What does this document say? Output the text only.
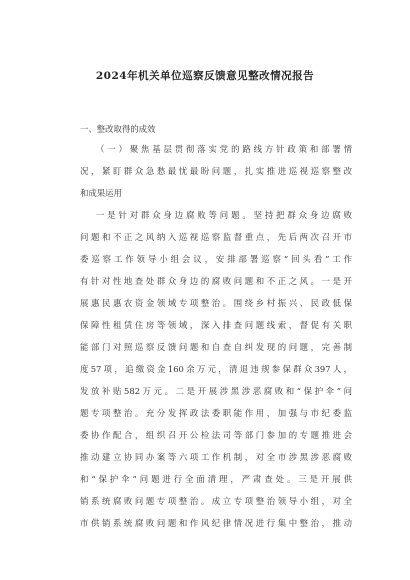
2024年机关单位巡察反馈意见整改情况报告
一、整改取得的成效
（一）聚焦基层贯彻落实党的路线方针政策和部署情
况，紧盯群众急愁最忧最盼问题，扎实推进巡视巡察整改
和成果运用
一是针对群众身边腐败等问题。坚持把群众身边腐败
问题和不正之风纳入巡视巡察监督重点，先后两次召开市
委巡察工作领导小组会议，安排部署巡察“回头看”工作
有针对性地查处群众身边的腐败问题和不正之风。一是开
展惠民惠农资金领域专项整治。围绕乡村振兴、民政低保
保障性租赁住房等领域，深入排查问题线索，督促有关职
能部门对照巡察反馈问题和自查自纠发现的问题，完善制
度57项，追缴资金160余万元，清退违规参保群众397人，
发放补贴582万元。二是开展涉黑涉恶腐败和“保护伞”问
题专项整治。充分发挥政法委职能作用，加强与市纪委监
委协作配合，组织召开公检法司等部门参加的专题推进会
推动建立协同办案等六项工作机制，对全市涉黑涉恶腐败
和“保护伞”问题进行全面清理，严肃查处。三是开展供
销系统腐败问题专项整治。成立专项整治领导小组，对全
市供销系统腐败问题和作风纪律情况进行集中整治，推动
